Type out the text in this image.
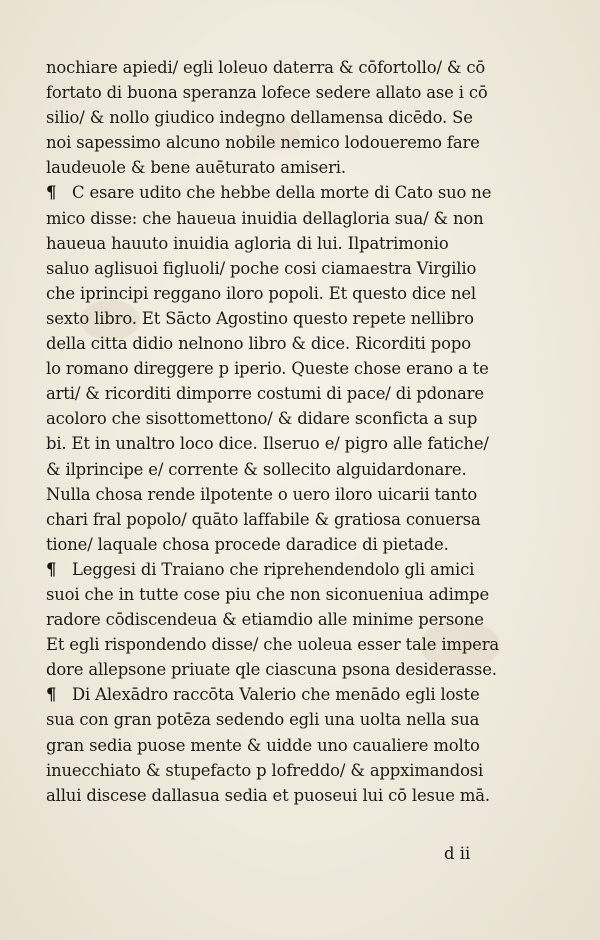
nochiare apiedi/ egli loleuo daterra & cōfortollo/ & cō
fortato di buona speranza lofece sedere allato ase i cō
silio/ & nollo giudico indegno dellamensa dicēdo. Se
noi sapessimo alcuno nobile nemico lodoueremo fare
laudeuole & bene auēturato amiseri.
¶ C esare udito che hebbe della morte di Cato suo ne
mico disse: che haueua inuidia dellagloria sua/ & non
haueua hauuto inuidia agloria di lui. Ilpatrimonio
saluo aglisuoi figluoli/ poche cosi ciamaestra Virgilio
che iprincipi reggano iloro popoli. Et questo dice nel
sexto libro. Et Sācto Agostino questo repete nellibro
della citta didio nelnono libro & dice. Ricorditi popo
lo romano direggere p iperio. Queste chose erano a te
arti/ & ricorditi dimporre costumi di pace/ di pdonare
acoloro che sisottomettono/ & didare sconficta a sup
bi. Et in unaltro loco dice. Ilseruo e/ pigro alle fatiche/
& ilprincipe e/ corrente & sollecito alguidardonare.
Nulla chosa rende ilpotente o uero iloro uicarii tanto
chari fral popolo/ quāto laffabile & gratiosa conuersa
tione/ laquale chosa procede daradice di pietade.
¶ Leggesi di Traiano che riprehendendolo gli amici
suoi che in tutte cose piu che non siconueniua adimpe
radore cōdiscendeua & etiamdio alle minime persone
Et egli rispondendo disse/ che uoleua esser tale impera
dore allepsone priuate qle ciascuna psona desiderasse.
¶ Di Alexādro raccōta Valerio che menādo egli loste
sua con gran potēza sedendo egli una uolta nella sua
gran sedia puose mente & uidde uno caualiere molto
inuecchiato & stupefacto p lofreddo/ & appximandosi
allui discese dallasua sedia et puoseui lui cō lesue mā.
d ii
